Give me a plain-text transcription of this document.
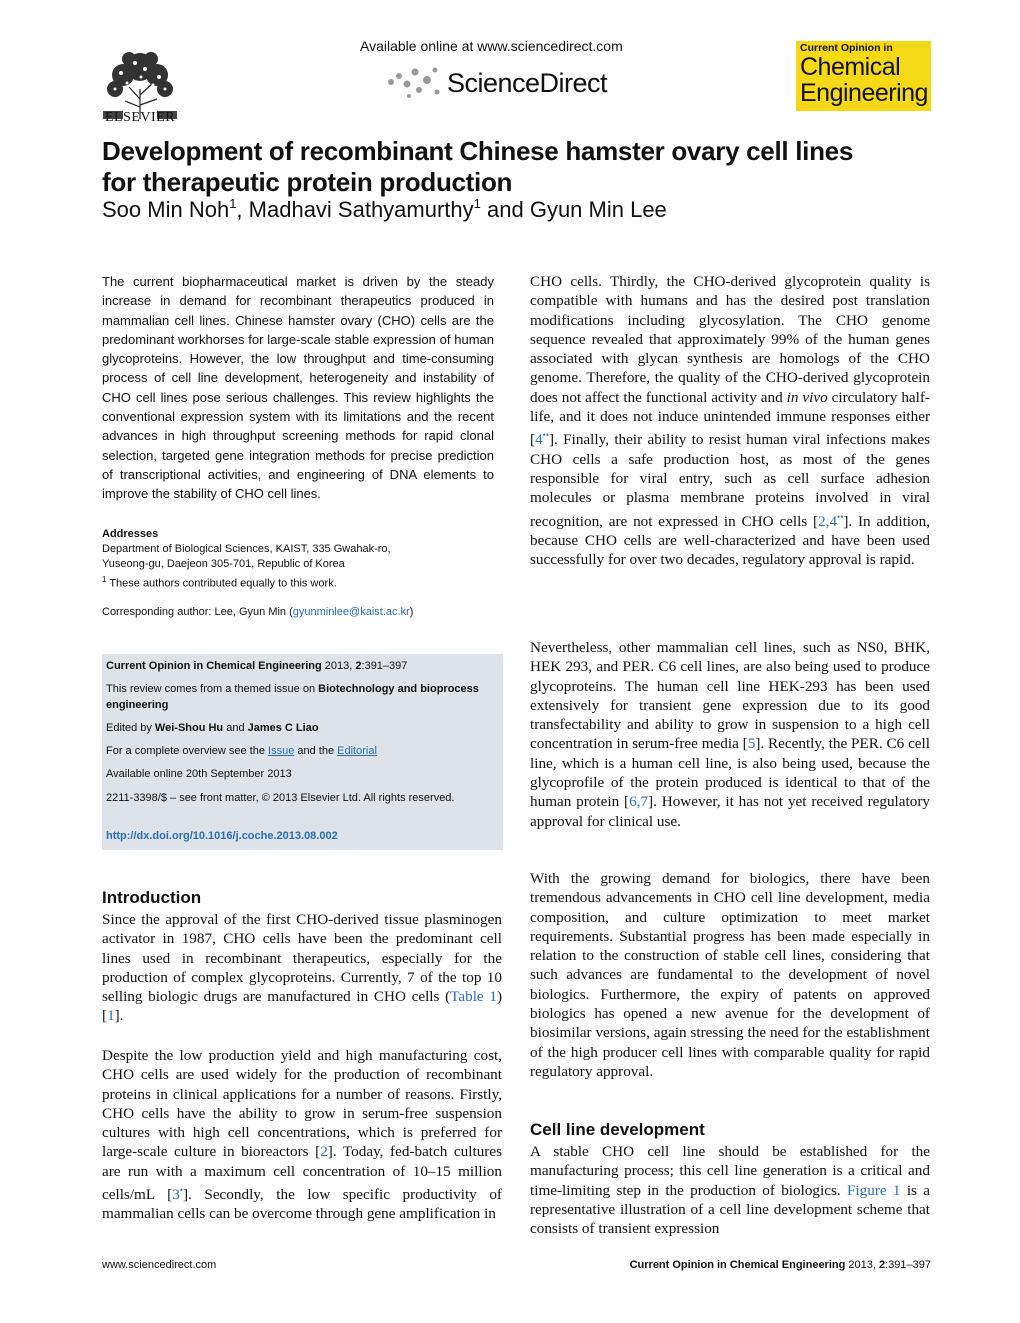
ELSEVIER
Available online at www.sciencedirect.com
ScienceDirect
Current Opinion in
Chemical
Engineering
Development of recombinant Chinese hamster ovary cell lines for therapeutic protein production
Soo Min Noh$^1$, Madhavi Sathyamurthy$^1$ and Gyun Min Lee

The current biopharmaceutical market is driven by the steady increase in demand for recombinant therapeutics produced in mammalian cell lines. Chinese hamster ovary (CHO) cells are the predominant workhorses for large-scale stable expression of human glycoproteins. However, the low throughput and time-consuming process of cell line development, heterogeneity and instability of CHO cell lines pose serious challenges. This review highlights the conventional expression system with its limitations and the recent advances in high throughput screening methods for rapid clonal selection, targeted gene integration methods for precise prediction of transcriptional activities, and engineering of DNA elements to improve the stability of CHO cell lines.

Addresses
Department of Biological Sciences, KAIST, 335 Gwahak-ro,
Yuseong-gu, Daejeon 305-701, Republic of Korea
$^1$ These authors contributed equally to this work.
Corresponding author: Lee, Gyun Min (gyunminlee@kaist.ac.kr)
Current Opinion in Chemical Engineering 2013, 2:391–397
This review comes from a themed issue on Biotechnology and bioprocess engineering
Edited by Wei-Shou Hu and James C Liao
For a complete overview see the Issue and the Editorial
Available online 20th September 2013
2211-3398/$ – see front matter, © 2013 Elsevier Ltd. All rights reserved.
http://dx.doi.org/10.1016/j.coche.2013.08.002
Introduction

Since the approval of the first CHO-derived tissue plasminogen activator in 1987, CHO cells have been the predominant cell lines used in recombinant therapeutics, especially for the production of complex glycoproteins. Currently, 7 of the top 10 selling biologic drugs are manufactured in CHO cells (Table 1) [1].

Despite the low production yield and high manufacturing cost, CHO cells are used widely for the production of recombinant proteins in clinical applications for a number of reasons. Firstly, CHO cells have the ability to grow in serum-free suspension cultures with high cell concentrations, which is preferred for large-scale culture in bioreactors [2]. Today, fed-batch cultures are run with a maximum cell concentration of 10–15 million cells/mL [3•]. Secondly, the low specific productivity of mammalian cells can be overcome through gene amplification in

CHO cells. Thirdly, the CHO-derived glycoprotein quality is compatible with humans and has the desired post translation modifications including glycosylation. The CHO genome sequence revealed that approximately 99% of the human genes associated with glycan synthesis are homologs of the CHO genome. Therefore, the quality of the CHO-derived glycoprotein does not affect the functional activity and in vivo circulatory half-life, and it does not induce unintended immune responses either [4••]. Finally, their ability to resist human viral infections makes CHO cells a safe production host, as most of the genes responsible for viral entry, such as cell surface adhesion molecules or plasma membrane proteins involved in viral recognition, are not expressed in CHO cells [2,4••]. In addition, because CHO cells are well-characterized and have been used successfully for over two decades, regulatory approval is rapid.

Nevertheless, other mammalian cell lines, such as NS0, BHK, HEK 293, and PER. C6 cell lines, are also being used to produce glycoproteins. The human cell line HEK-293 has been used extensively for transient gene expression due to its good transfectability and ability to grow in suspension to a high cell concentration in serum-free media [5]. Recently, the PER. C6 cell line, which is a human cell line, is also being used, because the glycoprofile of the protein produced is identical to that of the human protein [6,7]. However, it has not yet received regulatory approval for clinical use.

With the growing demand for biologics, there have been tremendous advancements in CHO cell line development, media composition, and culture optimization to meet market requirements. Substantial progress has been made especially in relation to the construction of stable cell lines, considering that such advances are fundamental to the development of novel biologics. Furthermore, the expiry of patents on approved biologics has opened a new avenue for the development of biosimilar versions, again stressing the need for the establishment of the high producer cell lines with comparable quality for rapid regulatory approval.

Cell line development

A stable CHO cell line should be established for the manufacturing process; this cell line generation is a critical and time-limiting step in the production of biologics. Figure 1 is a representative illustration of a cell line development scheme that consists of transient expression

www.sciencedirect.com	Current Opinion in Chemical Engineering 2013, 2:391–397
